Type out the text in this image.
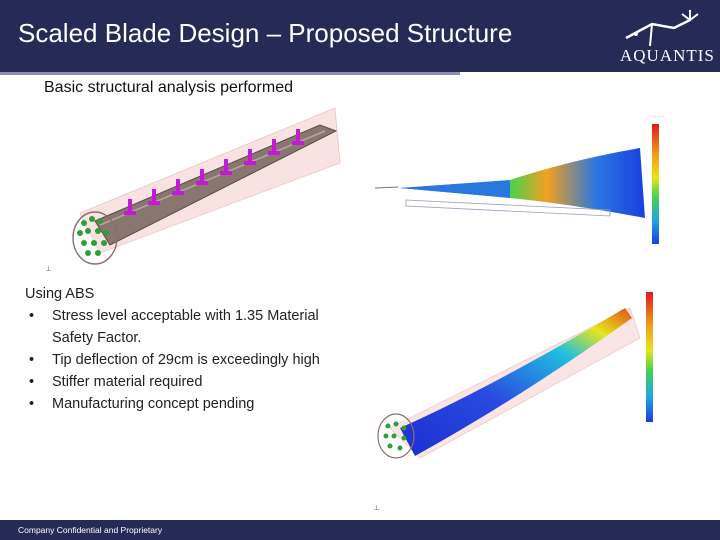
Scaled Blade Design – Proposed Structure
AQUANTIS
Basic structural analysis performed
⟂
- - - - -
⟂
Using ABS
• Stress level acceptable with 1.35 Material Safety Factor.
• Tip deflection of 29cm is exceedingly high
• Stiffer material required
• Manufacturing concept pending
Company Confidential and Proprietary
